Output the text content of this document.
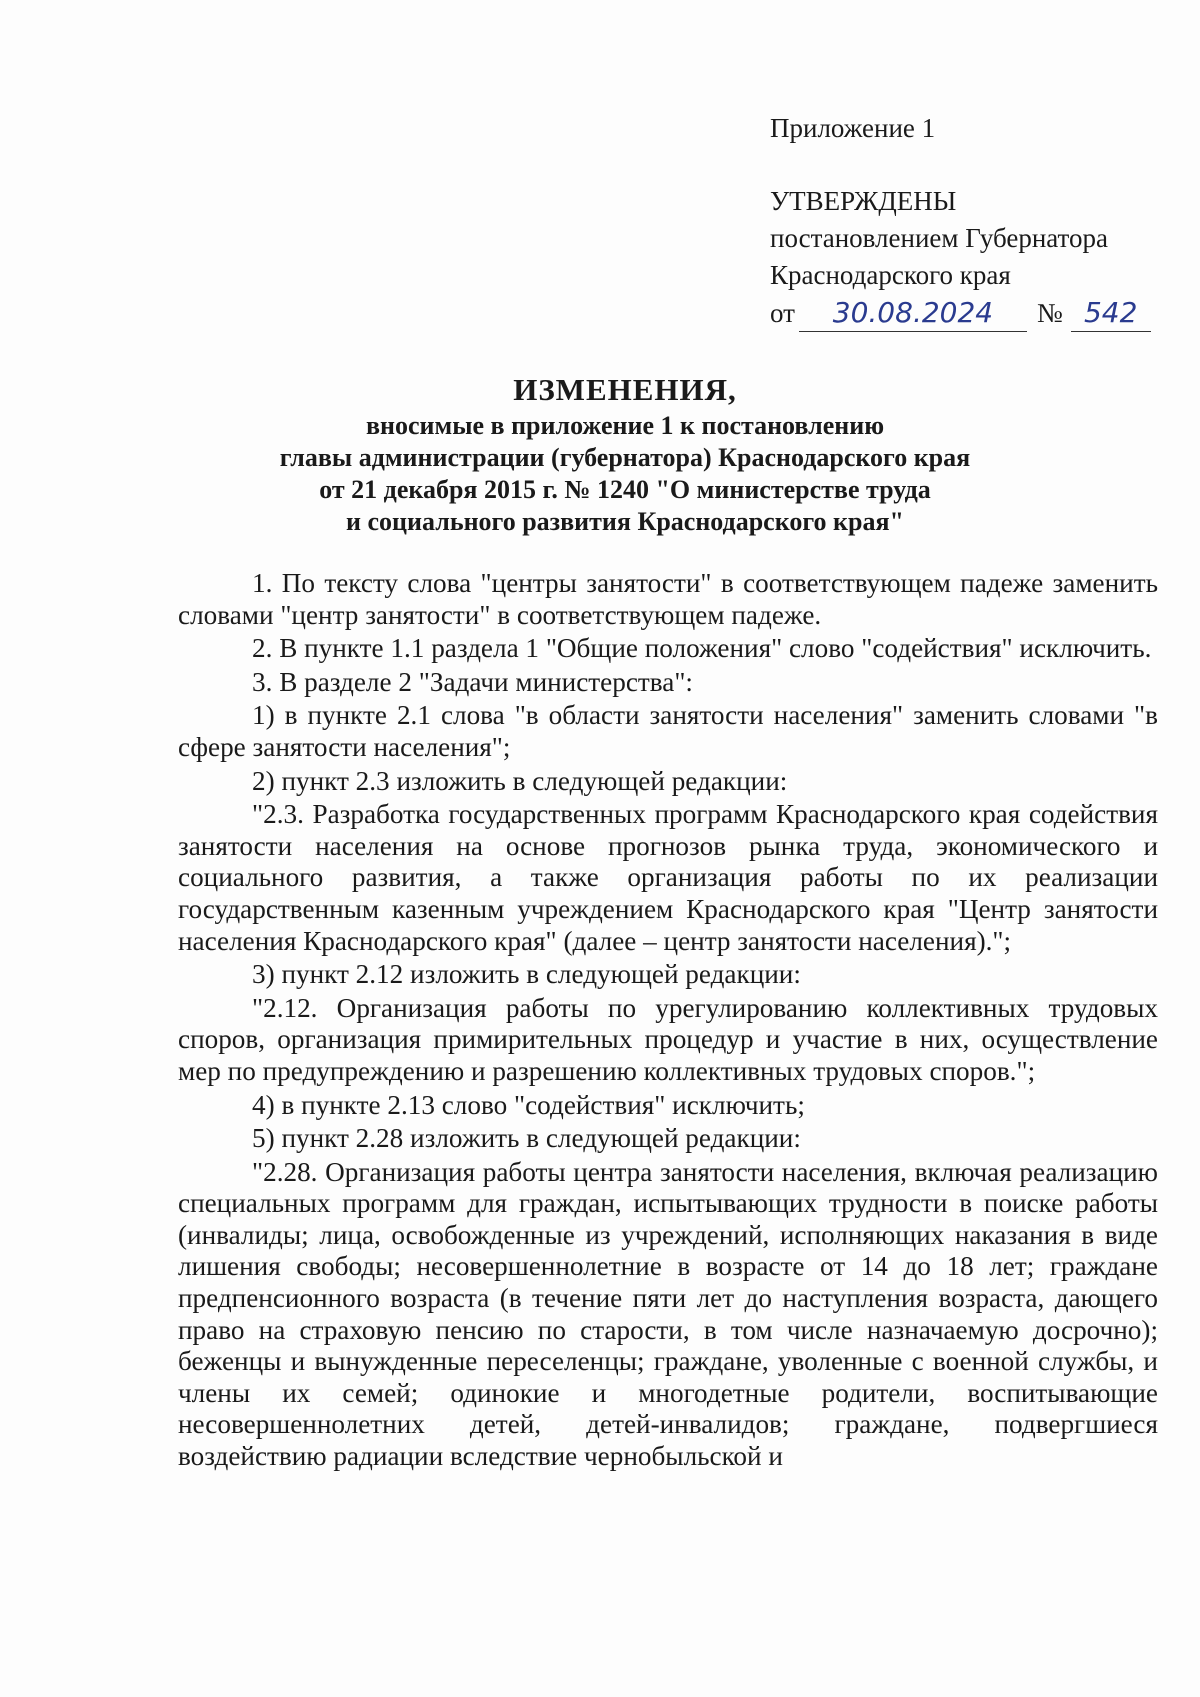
Приложение 1
УТВЕРЖДЕНЫ
постановлением Губернатора
Краснодарского края
от 30.08.2024 № 542
ИЗМЕНЕНИЯ,
вносимые в приложение 1 к постановлению
главы администрации (губернатора) Краснодарского края
от 21 декабря 2015 г. № 1240 "О министерстве труда
и социального развития Краснодарского края"

1. По тексту слова "центры занятости" в соответствующем падеже заменить словами "центр занятости" в соответствующем падеже.

2. В пункте 1.1 раздела 1 "Общие положения" слово "содействия" исключить.

3. В разделе 2 "Задачи министерства":

1) в пункте 2.1 слова "в области занятости населения" заменить словами "в сфере занятости населения";

2) пункт 2.3 изложить в следующей редакции:

"2.3. Разработка государственных программ Краснодарского края содействия занятости населения на основе прогнозов рынка труда, экономического и социального развития, а также организация работы по их реализации государственным казенным учреждением Краснодарского края "Центр занятости населения Краснодарского края" (далее – центр занятости населения).";

3) пункт 2.12 изложить в следующей редакции:

"2.12. Организация работы по урегулированию коллективных трудовых споров, организация примирительных процедур и участие в них, осуществление мер по предупреждению и разрешению коллективных трудовых споров.";

4) в пункте 2.13 слово "содействия" исключить;

5) пункт 2.28 изложить в следующей редакции:

"2.28. Организация работы центра занятости населения, включая реализацию специальных программ для граждан, испытывающих трудности в поиске работы (инвалиды; лица, освобожденные из учреждений, исполняющих наказания в виде лишения свободы; несовершеннолетние в возрасте от 14 до 18 лет; граждане предпенсионного возраста (в течение пяти лет до наступления возраста, дающего право на страховую пенсию по старости, в том числе назначаемую досрочно); беженцы и вынужденные переселенцы; граждане, уволенные с военной службы, и члены их семей; одинокие и многодетные родители, воспитывающие несовершеннолетних детей, детей-инвалидов; граждане, подвергшиеся воздействию радиации вследствие чернобыльской и
